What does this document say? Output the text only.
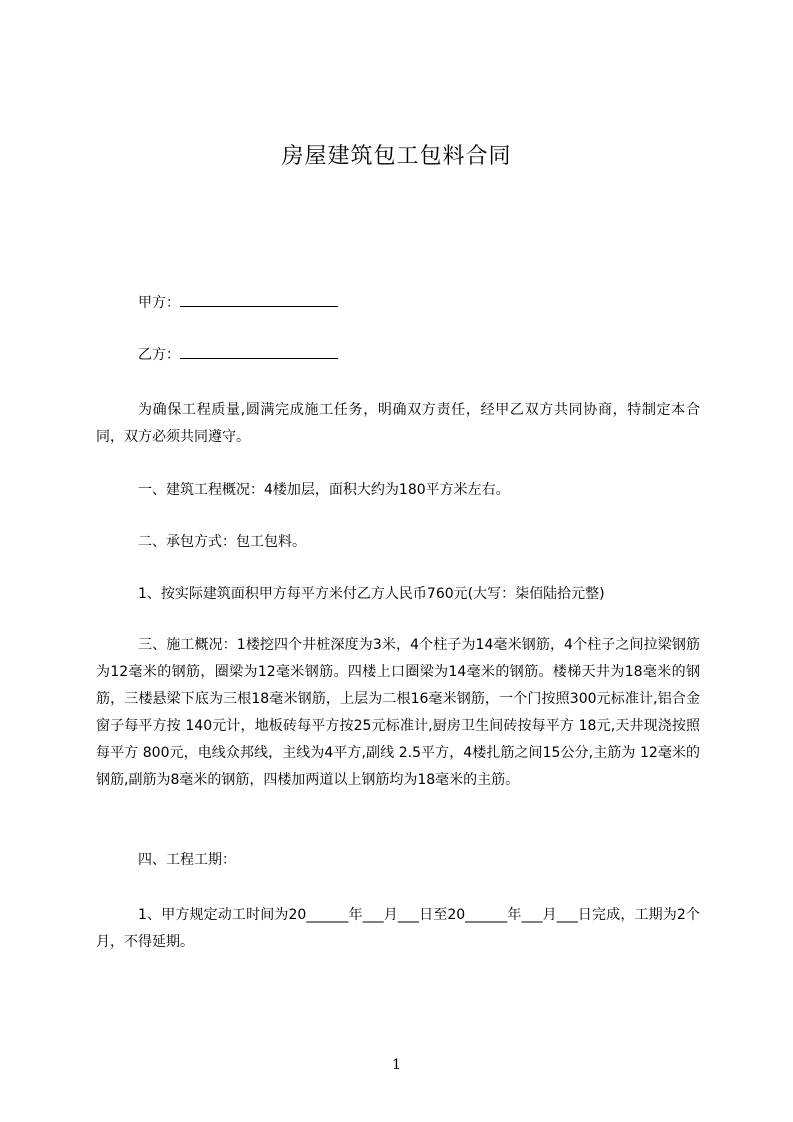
房屋建筑包工包料合同
甲方：
乙方：
为确保工程质量,圆满完成施工任务，明确双方责任，经甲乙双方共同协商，特制定本合同，双方必须共同遵守。
一、建筑工程概况：4楼加层，面积大约为180平方米左右。
二、承包方式：包工包料。
1、按实际建筑面积甲方每平方米付乙方人民币760元(大写：柒佰陆拾元整)
三、施工概况：1楼挖四个井桩深度为3米，4个柱子为14毫米钢筋，4个柱子之间拉梁钢筋为12毫米的钢筋，圈梁为12毫米钢筋。四楼上口圈梁为14毫米的钢筋。楼梯天井为18毫米的钢筋，三楼悬梁下底为三根18毫米钢筋，上层为二根16毫米钢筋，一个门按照300元标准计,铝合金窗子每平方按 140元计，地板砖每平方按25元标准计,厨房卫生间砖按每平方 18元,天井现浇按照每平方 800元，电线众邦线，主线为4平方,副线 2.5平方，4楼扎筋之间15公分,主筋为 12毫米的钢筋,副筋为8毫米的钢筋，四楼加两道以上钢筋均为18毫米的主筋。
四、工程工期：
1、甲方规定动工时间为20______年___月___日至20______年___月___日完成，工期为2个月，不得延期。
1
